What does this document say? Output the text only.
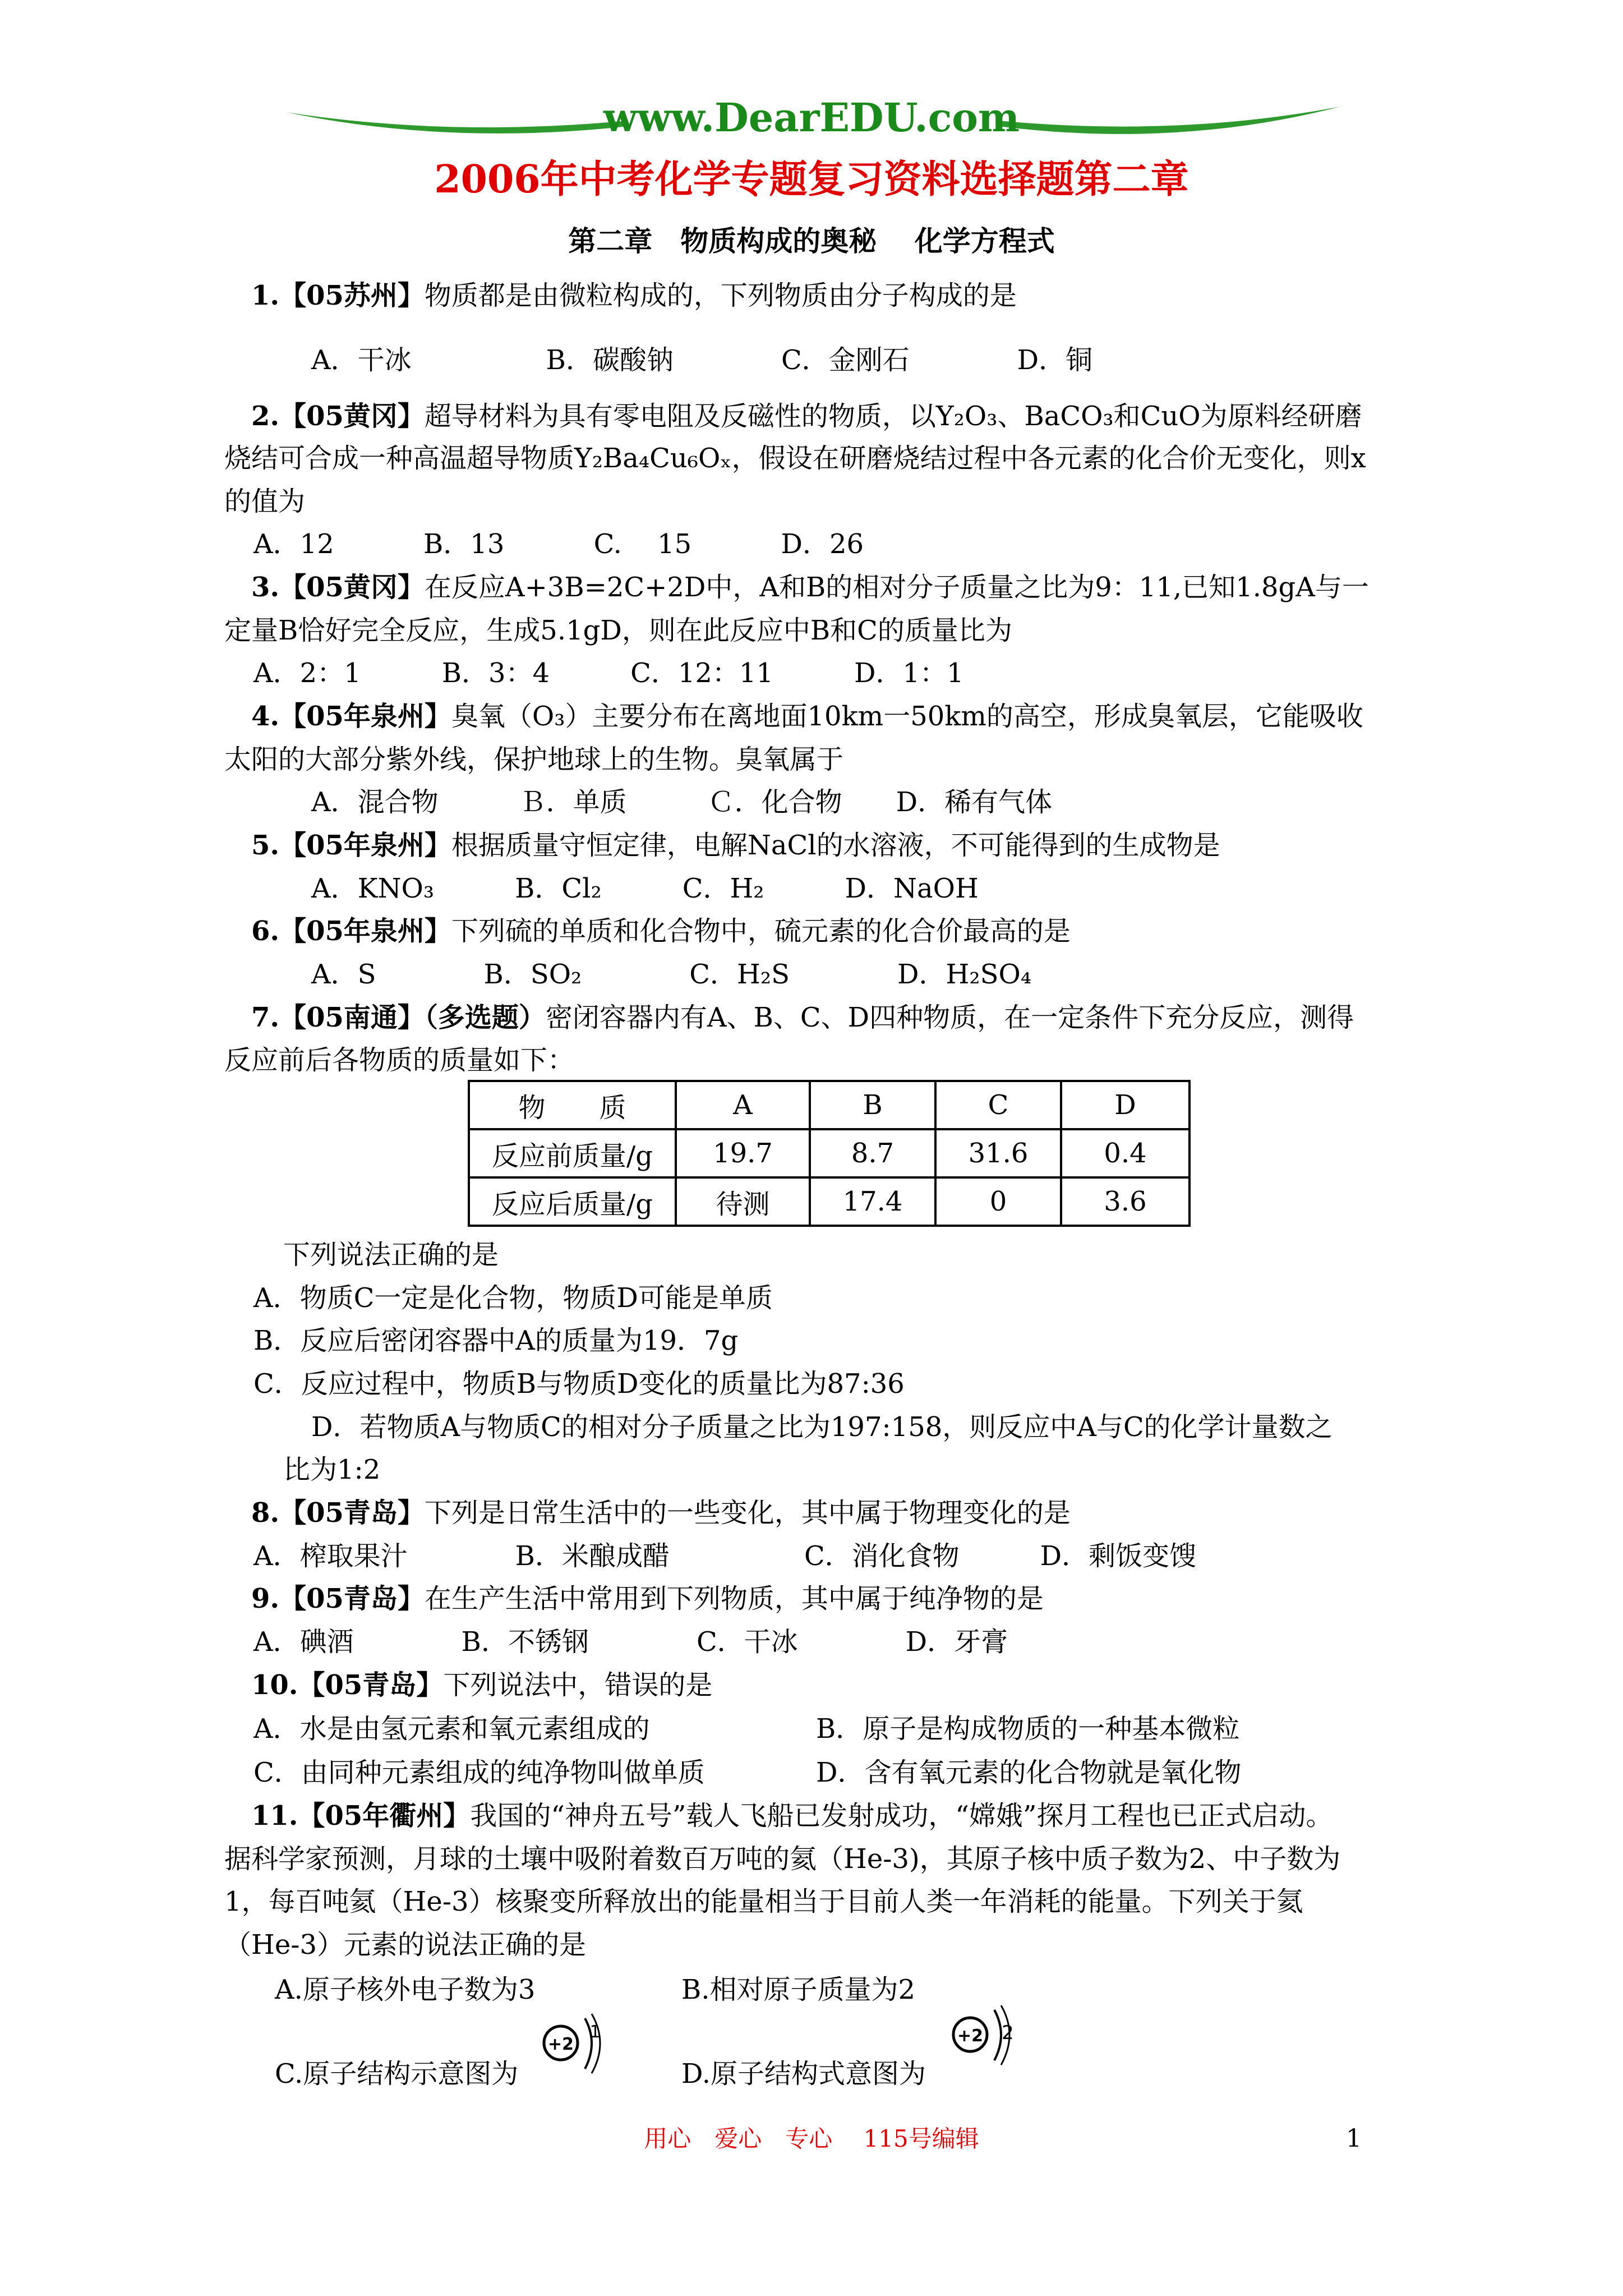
www.DearEDU.com
2006年中考化学专题复习资料选择题第二章
第二章　物质构成的奥秘　 化学方程式
1.【05苏州】物质都是由微粒构成的，下列物质由分子构成的是
A．干冰　　　　　B．碳酸钠　　　　C．金刚石　　　　D．铜
2.【05黄冈】超导材料为具有零电阻及反磁性的物质，以Y₂O₃、BaCO₃和CuO为原料经研磨
烧结可合成一种高温超导物质Y₂Ba₄Cu₆Oₓ，假设在研磨烧结过程中各元素的化合价无变化，则x
的值为
A．12　　　 B．13　　　 C.　 15　　　 D．26
3.【05黄冈】在反应A+3B=2C+2D中，A和B的相对分子质量之比为9：11,已知1.8gA与一
定量B恰好完全反应，生成5.1gD，则在此反应中B和C的质量比为
A．2：1　　　B．3：4　　　C．12：11　　　D．1：1
4.【05年泉州】臭氧（O₃）主要分布在离地面10km一50km的高空，形成臭氧层，它能吸收
太阳的大部分紫外线，保护地球上的生物。臭氧属于
A．混合物　　　Ｂ．单质　　　Ｃ．化合物　　D．稀有气体
5.【05年泉州】根据质量守恒定律，电解NaCl的水溶液，不可能得到的生成物是
A．KNO₃　　　B．Cl₂　　　C．H₂　　　D．NaOH
6.【05年泉州】下列硫的单质和化合物中，硫元素的化合价最高的是
A．S　　　　B．SO₂　　　　C．H₂S　　　　D．H₂SO₄
7.【05南通】（多选题）密闭容器内有A、B、C、D四种物质，在一定条件下充分反应，测得
反应前后各物质的质量如下：
物　　质	A	B	C	D
反应前质量/g	19.7	8.7	31.6	0.4
反应后质量/g	待测	17.4	0	3.6
下列说法正确的是
A．物质C一定是化合物，物质D可能是单质
B．反应后密闭容器中A的质量为19．7g
C．反应过程中，物质B与物质D变化的质量比为87:36
D．若物质A与物质C的相对分子质量之比为197:158，则反应中A与C的化学计量数之
比为1:2
8.【05青岛】下列是日常生活中的一些变化，其中属于物理变化的是
A．榨取果汁　　　　B．米酿成醋　　　　　C．消化食物　　　D．剩饭变馊
9.【05青岛】在生产生活中常用到下列物质，其中属于纯净物的是
A．碘酒　　　　B．不锈钢　　　　C．干冰　　　　D．牙膏
10.【05青岛】下列说法中，错误的是
A．水是由氢元素和氧元素组成的	B．原子是构成物质的一种基本微粒
C．由同种元素组成的纯净物叫做单质	D．含有氧元素的化合物就是氧化物
11.【05年衢州】我国的“神舟五号”载人飞船已发射成功，“嫦娥”探月工程也已正式启动。
据科学家预测，月球的土壤中吸附着数百万吨的氦（He-3)，其原子核中质子数为2、中子数为
1，每百吨氦（He-3）核聚变所释放出的能量相当于目前人类一年消耗的能量。下列关于氦
（He-3）元素的说法正确的是
A.原子核外电子数为3	B.相对原子质量为2
C.原子结构示意图为	D.原子结构式意图为
+2
1	+2 2
用心　爱心　专心　 115号编辑	1
